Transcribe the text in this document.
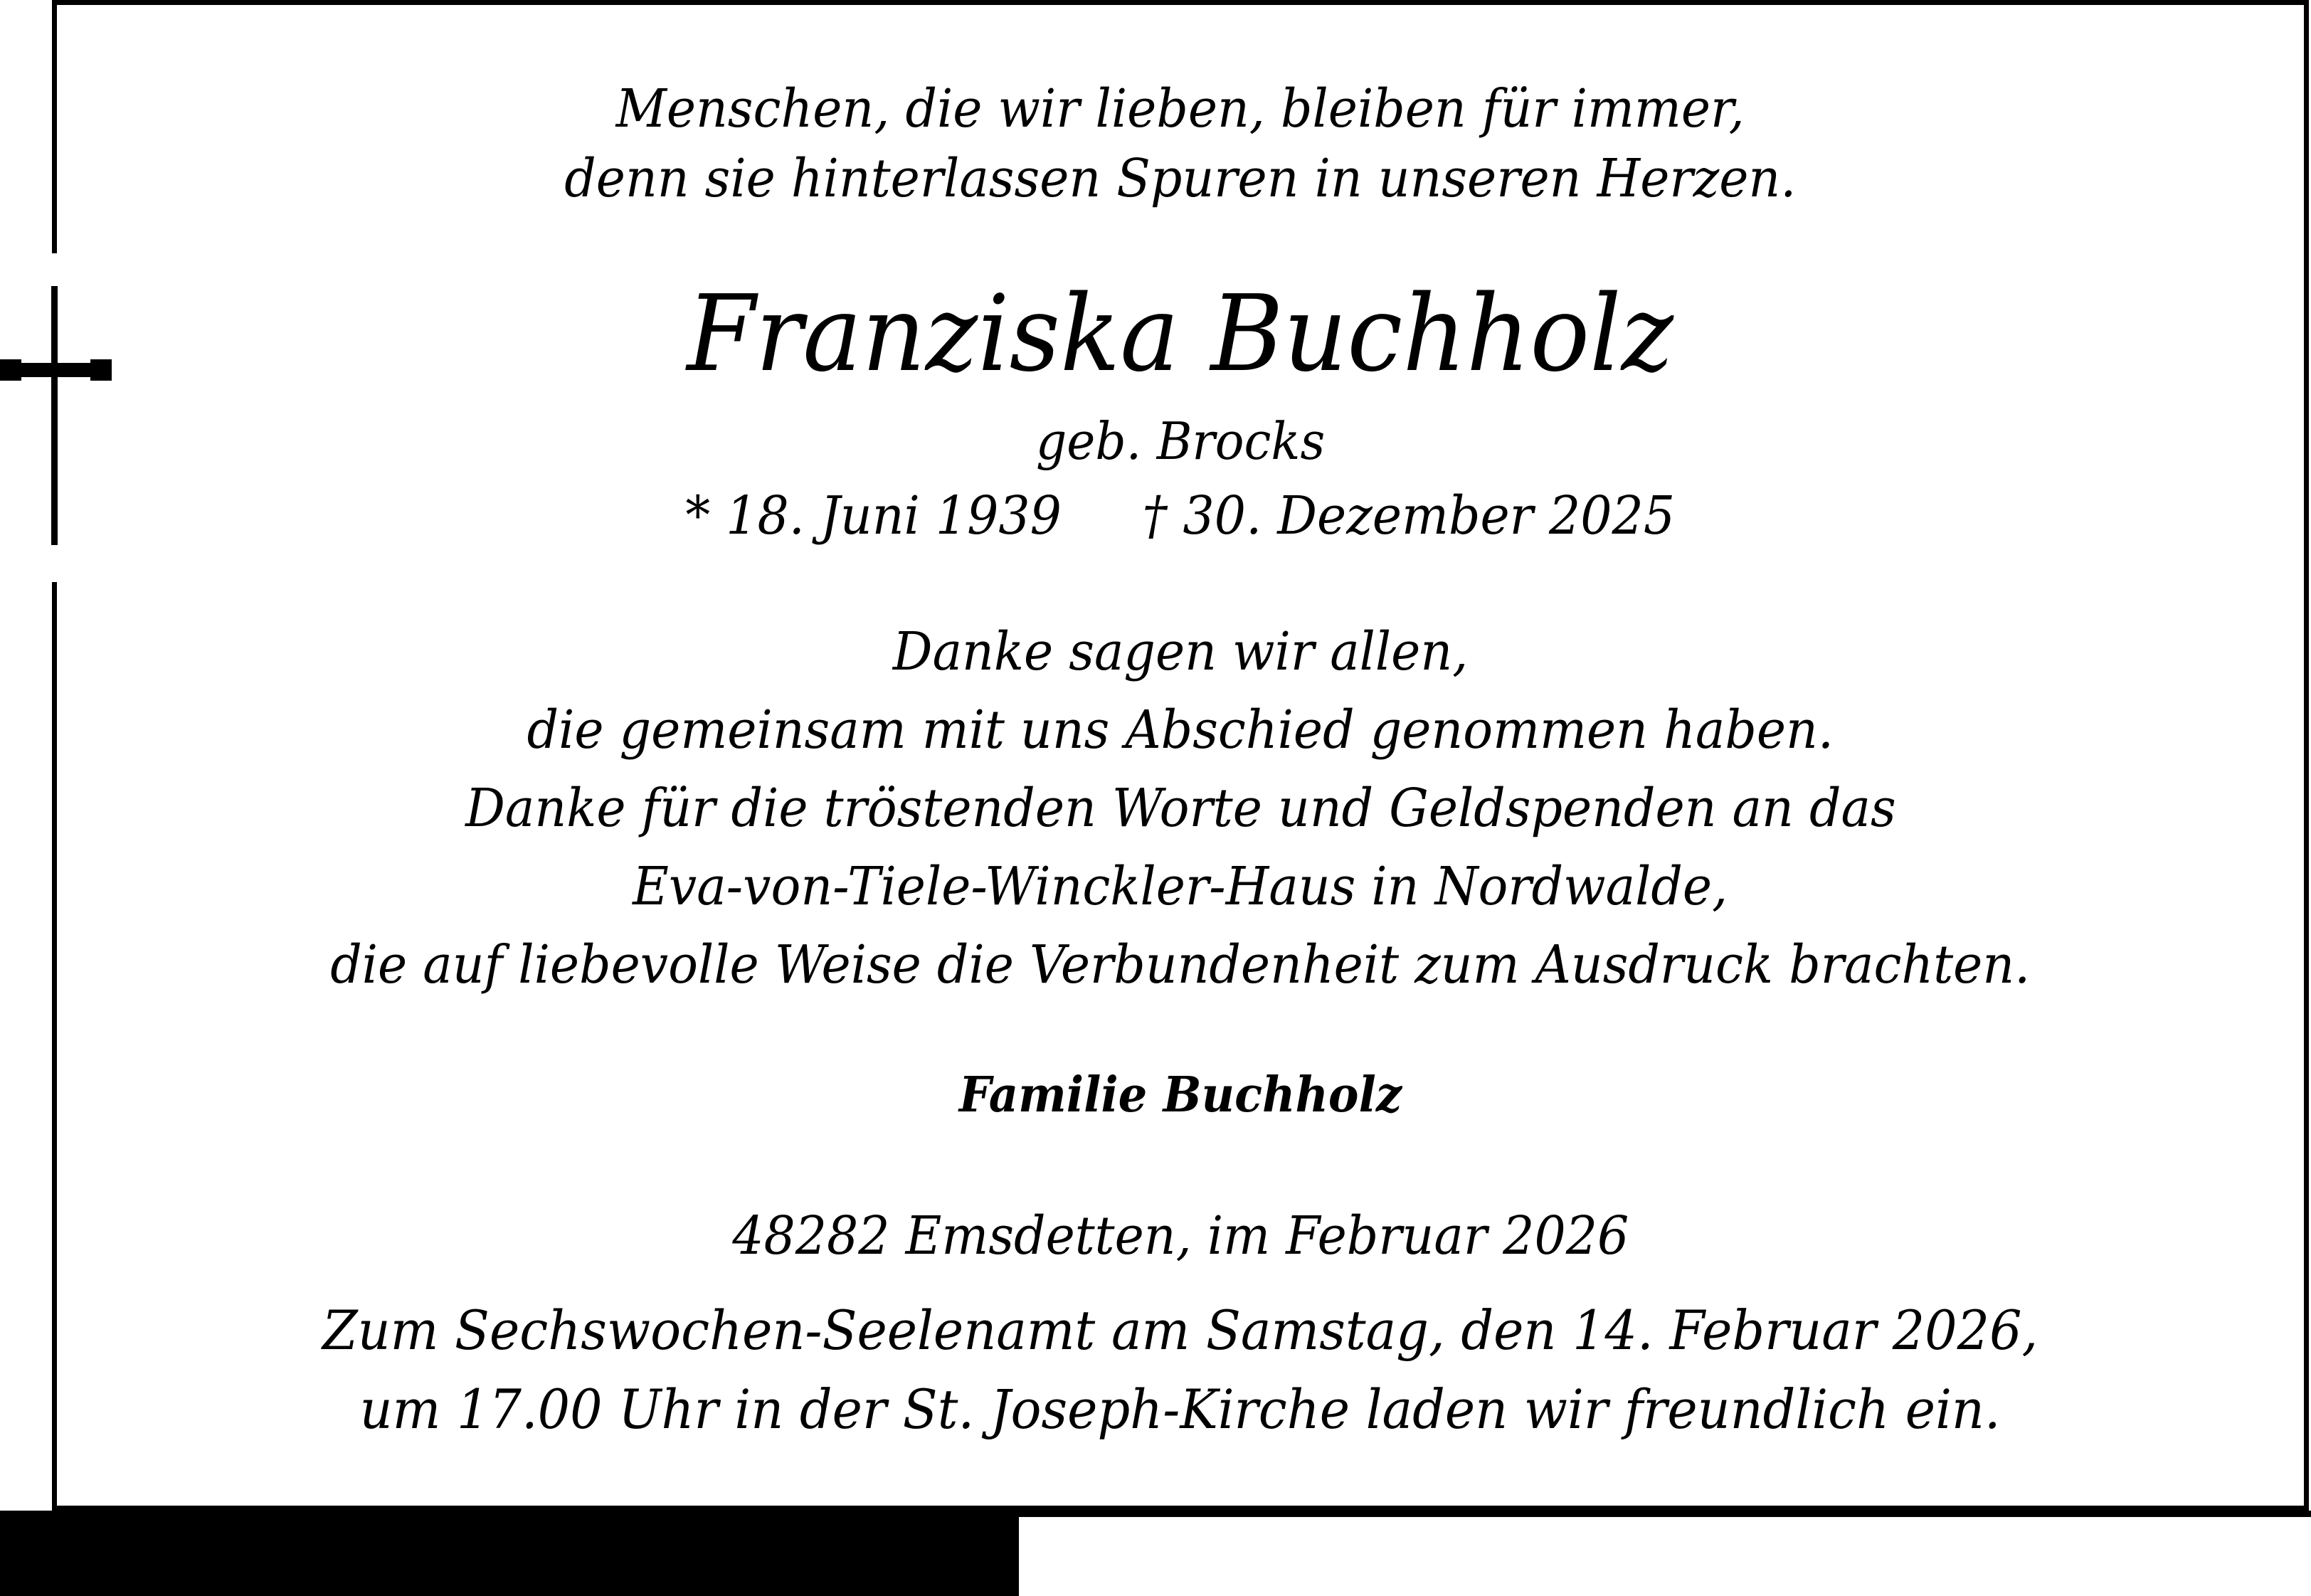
Menschen, die wir lieben, bleiben für immer,
denn sie hinterlassen Spuren in unseren Herzen.
Franziska Buchholz
geb. Brocks
* 18. Juni 1939   † 30. Dezember 2025
Danke sagen wir allen,
die gemeinsam mit uns Abschied genommen haben.
Danke für die tröstenden Worte und Geldspenden an das
Eva-von-Tiele-Winckler-Haus in Nordwalde,
die auf liebevolle Weise die Verbundenheit zum Ausdruck brachten.
Familie Buchholz
48282 Emsdetten, im Februar 2026
Zum Sechswochen-Seelenamt am Samstag, den 14. Februar 2026,
um 17.00 Uhr in der St. Joseph-Kirche laden wir freundlich ein.
